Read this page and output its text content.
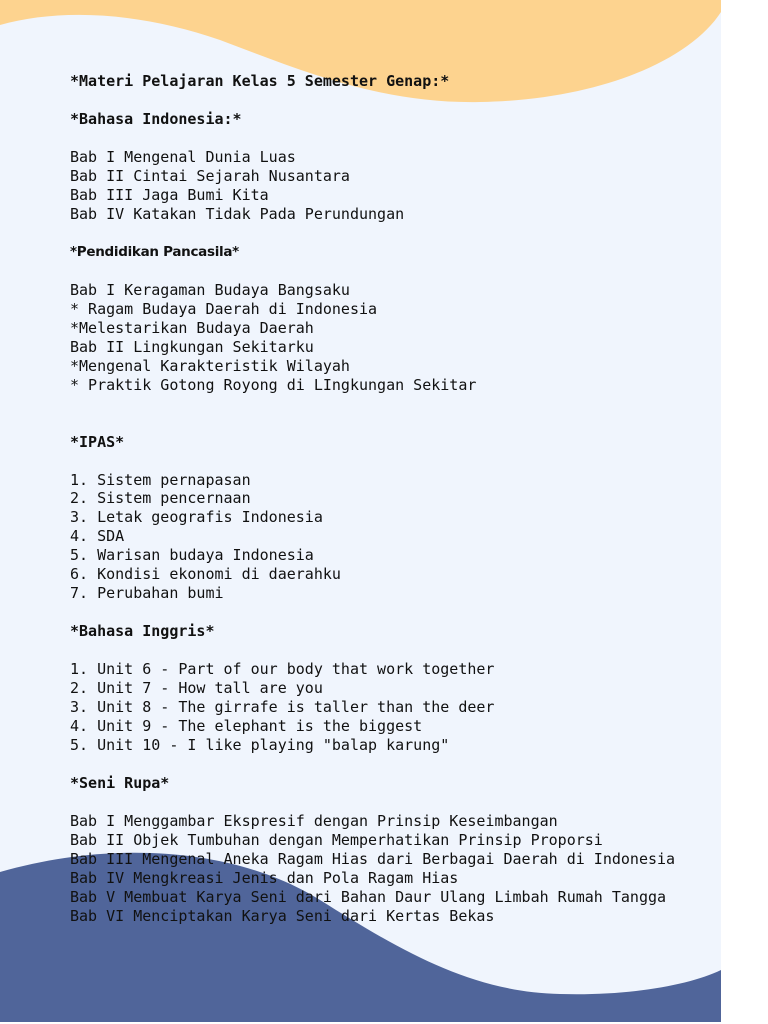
*Materi Pelajaran Kelas 5 Semester Genap:*
*Bahasa Indonesia:*
Bab I Mengenal Dunia Luas
Bab II Cintai Sejarah Nusantara
Bab III Jaga Bumi Kita
Bab IV Katakan Tidak Pada Perundungan
*Pendidikan Pancasila*
Bab I Keragaman Budaya Bangsaku
* Ragam Budaya Daerah di Indonesia
*Melestarikan Budaya Daerah
Bab II Lingkungan Sekitarku
*Mengenal Karakteristik Wilayah
* Praktik Gotong Royong di LIngkungan Sekitar
*IPAS*
1. Sistem pernapasan
2. Sistem pencernaan
3. Letak geografis Indonesia
4. SDA
5. Warisan budaya Indonesia
6. Kondisi ekonomi di daerahku
7. Perubahan bumi
*Bahasa Inggris*
1. Unit 6 - Part of our body that work together
2. Unit 7 - How tall are you
3. Unit 8 - The girrafe is taller than the deer
4. Unit 9 - The elephant is the biggest
5. Unit 10 - I like playing "balap karung"
*Seni Rupa*
Bab I Menggambar Ekspresif dengan Prinsip Keseimbangan
Bab II Objek Tumbuhan dengan Memperhatikan Prinsip Proporsi
Bab III Mengenal Aneka Ragam Hias dari Berbagai Daerah di Indonesia
Bab IV Mengkreasi Jenis dan Pola Ragam Hias
Bab V Membuat Karya Seni dari Bahan Daur Ulang Limbah Rumah Tangga
Bab VI Menciptakan Karya Seni dari Kertas Bekas
